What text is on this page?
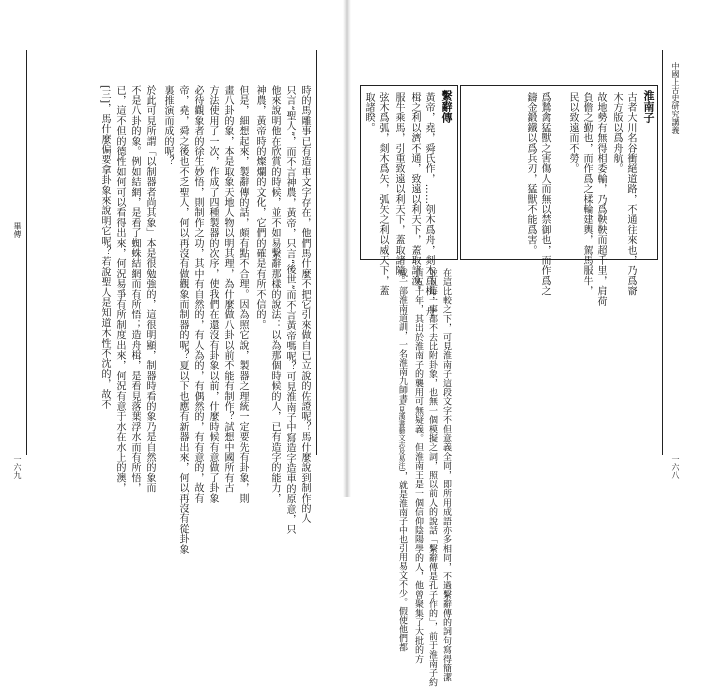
畢傳	時的馬雕事已有造車文字存在，他們馬什麼不把它引來做自已立說的佐證呢？馬什麼說到制作的人
只言“聖人”，而不言神農，黃帝，只言“後世”而不言黃帝嗎呢？可見淮南子中寫造字造車的原意，只
他來說明他在欣賞的時候，並不如易繫辭那樣的說法：以為那個時候的人，已有造字的能力，
神農，黃帝時的燦爛的文化，它們的確是有所不信的。
但是，細想起來，製辭傳的話，頗有點不合理。因為照它說，製器之理統一定要先有卦象，則
畫八卦的象，本是取象天地人物以明其理，為什麼做八卦以前不能有制作？試想中國所有古
方法使用了一次，作成了四種製器的次序，使我們在還沒有卦象以前，什麼時候有意做了卦象
必待觀象者的徐生妙悟，則制作之功，其中有自然的，有人為的，有偶然的，有有意的，故有
帝，堯，舜之後也不乏聖人，何以再沒有做觀象而制器的呢？夏以下也應有新器出來，何以再沒有從卦象
裏推演而成的呢？
於此可見所謂「以制器者尚其象」本是很勉強的，這很明顯，制器時看的象乃是自然的象而
不是八卦的象。例如結網，是看了蜘蛛結網而有所悟；造舟楫，是看見落葉浮水而有所悟，
已，這不但的德性如何可以看得出來，何況易爭有所制度出來，何況有意于水在水上的澳，
[三]，馬什麼偏要拿卦象來說明它呢？若說聖人是知道木性不沈的，故不
一六九
中國上古史研究講義
淮南子
古者大川名谷衝絕道路，不通往來也，乃爲窬
木方版以爲舟航。
故地勢有無得相委輸，乃爲鞅鞅而超千里，肩荷
負儋之勤也，而作爲之楺輪建輿，駕馬服牛，
民以致遠而不勞。
爲鷙禽猛獸之害傷人而無以禁御也，而作爲之
鑄金鍛鐵以爲兵刃，猛獸不能爲害。
繫辭傳
黃帝，堯，舜氏作，……刳木爲舟，剡木爲楫，舟
楫之利以濟不通，致遠以利天下，蓋取諸渙。
服牛乘馬，引重致遠以利天下，蓋取諸隨。
弦木爲弧，剡木爲矢，弧矢之利以威天下，蓋
取諸睽。
在這比較之下，可見淮南子這段文字不但意義全同，即所用成語亦多相同，不過繫辭傳的詞句寫得簡潔
並且每一事都不去比附卦象，也無一個模擬之詞，照以前人的說話「繫辭傳是孔子作的」，前于淮南子約
百五十年，其出於淮南子的襲用可無疑義。但淮南王是一個信仰陰陽學的人，他曾聚集了大批的方
成一部淮南道訓，一名淮南九師書(見漢書藝文志及易注)，就是淮南子中也引用易文不少。假使他們都
一六八
